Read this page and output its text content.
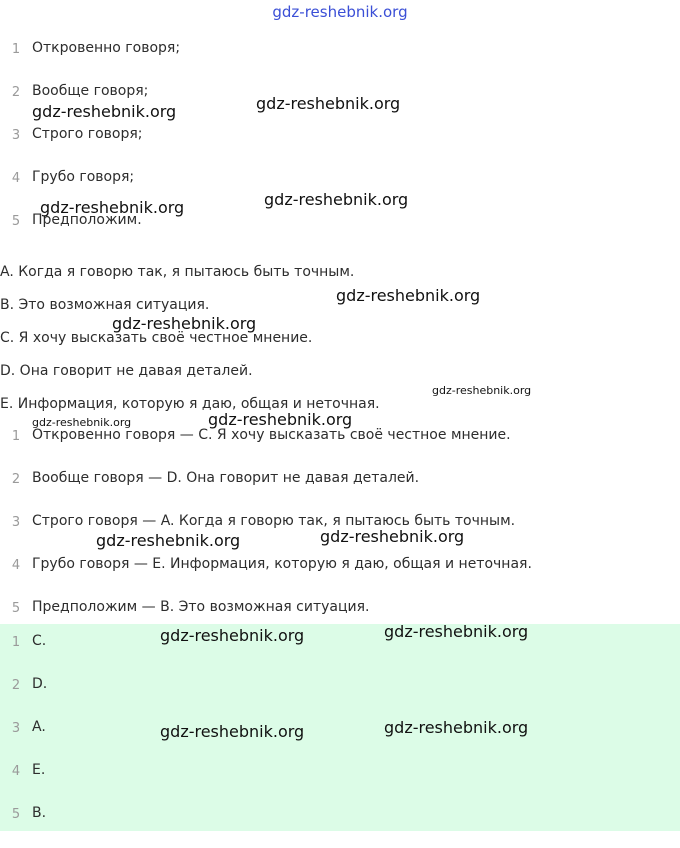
gdz-reshebnik.org
1 Откровенно говоря;
2 Вообще говоря;
3 Строго говоря;
4 Грубо говоря;
5 Предположим.
A. Когда я говорю так, я пытаюсь быть точным.
B. Это возможная ситуация.
C. Я хочу высказать своё честное мнение.
D. Она говорит не давая деталей.
E. Информация, которую я даю, общая и неточная.
1 Откровенно говоря — C. Я хочу высказать своё честное мнение.
2 Вообще говоря — D. Она говорит не давая деталей.
3 Строго говоря — A. Когда я говорю так, я пытаюсь быть точным.
4 Грубо говоря — E. Информация, которую я даю, общая и неточная.
5 Предположим — B. Это возможная ситуация.
1 C.
2 D.
3 A.
4 E.
5 B.
gdz-reshebnik.org	gdz-reshebnik.org
gdz-reshebnik.org	gdz-reshebnik.org
gdz-reshebnik.org
gdz-reshebnik.org
gdz-reshebnik.org
gdz-reshebnik.org
gdz-reshebnik.org
gdz-reshebnik.org	gdz-reshebnik.org
gdz-reshebnik.org	gdz-reshebnik.org
gdz-reshebnik.org	gdz-reshebnik.org
